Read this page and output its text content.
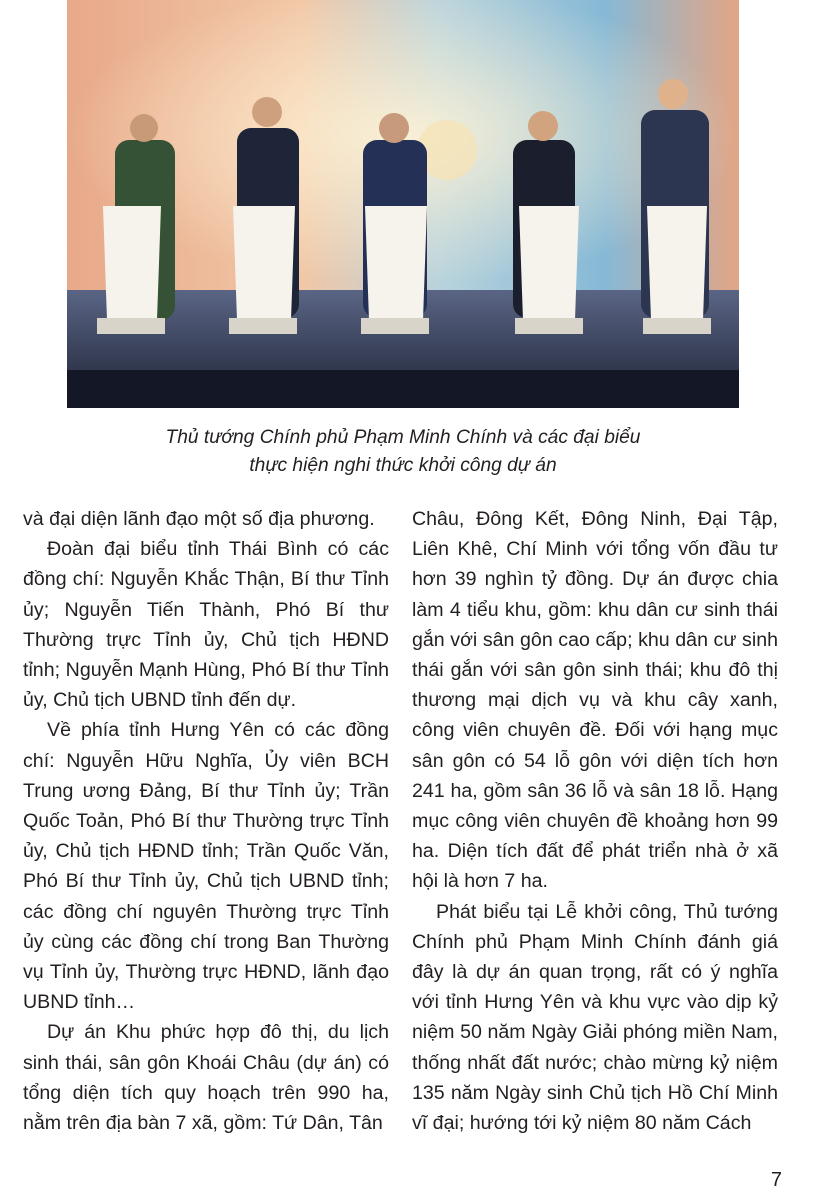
Thủ tướng Chính phủ Phạm Minh Chính và các đại biểu
thực hiện nghi thức khởi công dự án

và đại diện lãnh đạo một số địa phương.

Đoàn đại biểu tỉnh Thái Bình có các đồng chí: Nguyễn Khắc Thận, Bí thư Tỉnh ủy; Nguyễn Tiến Thành, Phó Bí thư Thường trực Tỉnh ủy, Chủ tịch HĐND tỉnh; Nguyễn Mạnh Hùng, Phó Bí thư Tỉnh ủy, Chủ tịch UBND tỉnh đến dự.

Về phía tỉnh Hưng Yên có các đồng chí: Nguyễn Hữu Nghĩa, Ủy viên BCH Trung ương Đảng, Bí thư Tỉnh ủy; Trần Quốc Toản, Phó Bí thư Thường trực Tỉnh ủy, Chủ tịch HĐND tỉnh; Trần Quốc Văn, Phó Bí thư Tỉnh ủy, Chủ tịch UBND tỉnh; các đồng chí nguyên Thường trực Tỉnh ủy cùng các đồng chí trong Ban Thường vụ Tỉnh ủy, Thường trực HĐND, lãnh đạo UBND tỉnh…

Dự án Khu phức hợp đô thị, du lịch sinh thái, sân gôn Khoái Châu (dự án) có tổng diện tích quy hoạch trên 990 ha, nằm trên địa bàn 7 xã, gồm: Tứ Dân, Tân

Châu, Đông Kết, Đông Ninh, Đại Tập, Liên Khê, Chí Minh với tổng vốn đầu tư hơn 39 nghìn tỷ đồng. Dự án được chia làm 4 tiểu khu, gồm: khu dân cư sinh thái gắn với sân gôn cao cấp; khu dân cư sinh thái gắn với sân gôn sinh thái; khu đô thị thương mại dịch vụ và khu cây xanh, công viên chuyên đề. Đối với hạng mục sân gôn có 54 lỗ gôn với diện tích hơn 241 ha, gồm sân 36 lỗ và sân 18 lỗ. Hạng mục công viên chuyên đề khoảng hơn 99 ha. Diện tích đất để phát triển nhà ở xã hội là hơn 7 ha.

Phát biểu tại Lễ khởi công, Thủ tướng Chính phủ Phạm Minh Chính đánh giá đây là dự án quan trọng, rất có ý nghĩa với tỉnh Hưng Yên và khu vực vào dịp kỷ niệm 50 năm Ngày Giải phóng miền Nam, thống nhất đất nước; chào mừng kỷ niệm 135 năm Ngày sinh Chủ tịch Hồ Chí Minh vĩ đại; hướng tới kỷ niệm 80 năm Cách

7
